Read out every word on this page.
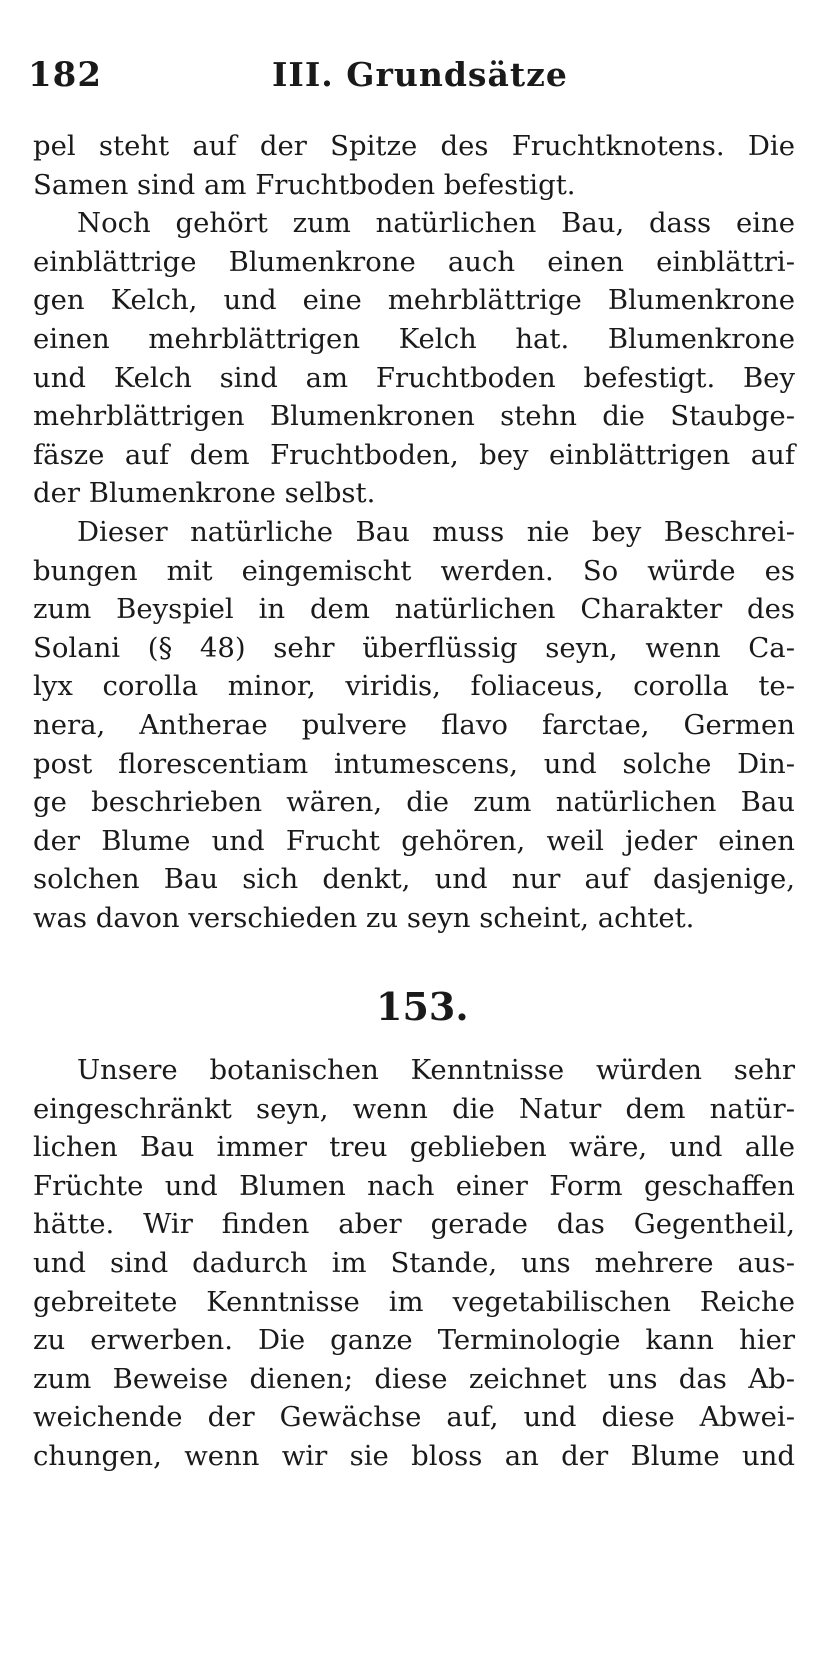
182	III. Grundsätze
pel steht auf der Spitze des Fruchtknotens. Die
Samen sind am Fruchtboden befestigt.
Noch gehört zum natürlichen Bau, dass eine
einblättrige Blumenkrone auch einen einblättri-
gen Kelch, und eine mehrblättrige Blumenkrone
einen mehrblättrigen Kelch hat. Blumenkrone
und Kelch sind am Fruchtboden befestigt. Bey
mehrblättrigen Blumenkronen stehn die Staubge-
fäsze auf dem Fruchtboden, bey einblättrigen auf
der Blumenkrone selbst.
Dieser natürliche Bau muss nie bey Beschrei-
bungen mit eingemischt werden. So würde es
zum Beyspiel in dem natürlichen Charakter des
Solani (§ 48) sehr überflüssig seyn, wenn Ca-
lyx corolla minor, viridis, foliaceus, corolla te-
nera, Antherae pulvere flavo farctae, Germen
post florescentiam intumescens, und solche Din-
ge beschrieben wären, die zum natürlichen Bau
der Blume und Frucht gehören, weil jeder einen
solchen Bau sich denkt, und nur auf dasjenige,
was davon verschieden zu seyn scheint, achtet.
153.
Unsere botanischen Kenntnisse würden sehr
eingeschränkt seyn, wenn die Natur dem natür-
lichen Bau immer treu geblieben wäre, und alle
Früchte und Blumen nach einer Form geschaffen
hätte. Wir finden aber gerade das Gegentheil,
und sind dadurch im Stande, uns mehrere aus-
gebreitete Kenntnisse im vegetabilischen Reiche
zu erwerben. Die ganze Terminologie kann hier
zum Beweise dienen; diese zeichnet uns das Ab-
weichende der Gewächse auf, und diese Abwei-
chungen, wenn wir sie bloss an der Blume und
